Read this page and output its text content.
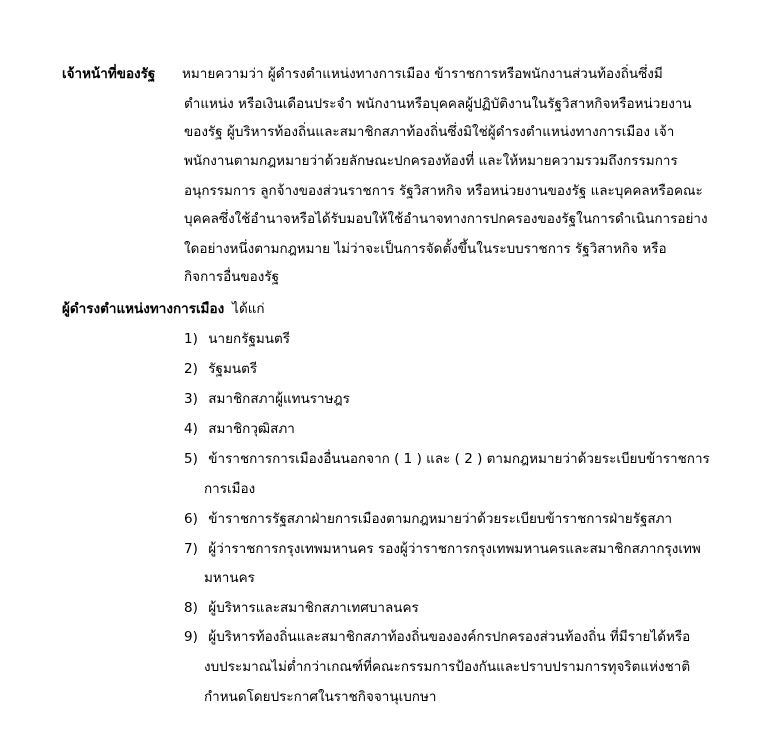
เจ้าหน้าที่ของรัฐ หมายความว่า ผู้ดำรงตำแหน่งทางการเมือง ข้าราชการหรือพนักงานส่วนท้องถิ่นซึ่งมี
ตำแหน่ง หรือเงินเดือนประจำ พนักงานหรือบุคคลผู้ปฏิบัติงานในรัฐวิสาหกิจหรือหน่วยงาน
ของรัฐ ผู้บริหารท้องถิ่นและสมาชิกสภาท้องถิ่นซึ่งมิใช่ผู้ดำรงตำแหน่งทางการเมือง เจ้า
พนักงานตามกฎหมายว่าด้วยลักษณะปกครองท้องที่ และให้หมายความรวมถึงกรรมการ
อนุกรรมการ ลูกจ้างของส่วนราชการ รัฐวิสาหกิจ หรือหน่วยงานของรัฐ และบุคคลหรือคณะ
บุคคลซึ่งใช้อำนาจหรือได้รับมอบให้ใช้อำนาจทางการปกครองของรัฐในการดำเนินการอย่าง
ใดอย่างหนึ่งตามกฎหมาย ไม่ว่าจะเป็นการจัดตั้งขึ้นในระบบราชการ รัฐวิสาหกิจ หรือ
กิจการอื่นของรัฐ
ผู้ดำรงตำแหน่งทางการเมือง ได้แก่
1) นายกรัฐมนตรี
2) รัฐมนตรี
3) สมาชิกสภาผู้แทนราษฎร
4) สมาชิกวุฒิสภา
5) ข้าราชการการเมืองอื่นนอกจาก ( 1 ) และ ( 2 ) ตามกฎหมายว่าด้วยระเบียบข้าราชการ
การเมือง
6) ข้าราชการรัฐสภาฝ่ายการเมืองตามกฎหมายว่าด้วยระเบียบข้าราชการฝ่ายรัฐสภา
7) ผู้ว่าราชการกรุงเทพมหานคร รองผู้ว่าราชการกรุงเทพมหานครและสมาชิกสภากรุงเทพ
มหานคร
8) ผู้บริหารและสมาชิกสภาเทศบาลนคร
9) ผู้บริหารท้องถิ่นและสมาชิกสภาท้องถิ่นขององค์กรปกครองส่วนท้องถิ่น ที่มีรายได้หรือ
งบประมาณไม่ต่ำกว่าเกณฑ์ที่คณะกรรมการป้องกันและปราบปรามการทุจริตแห่งชาติ
กำหนดโดยประกาศในราชกิจจานุเบกษา
